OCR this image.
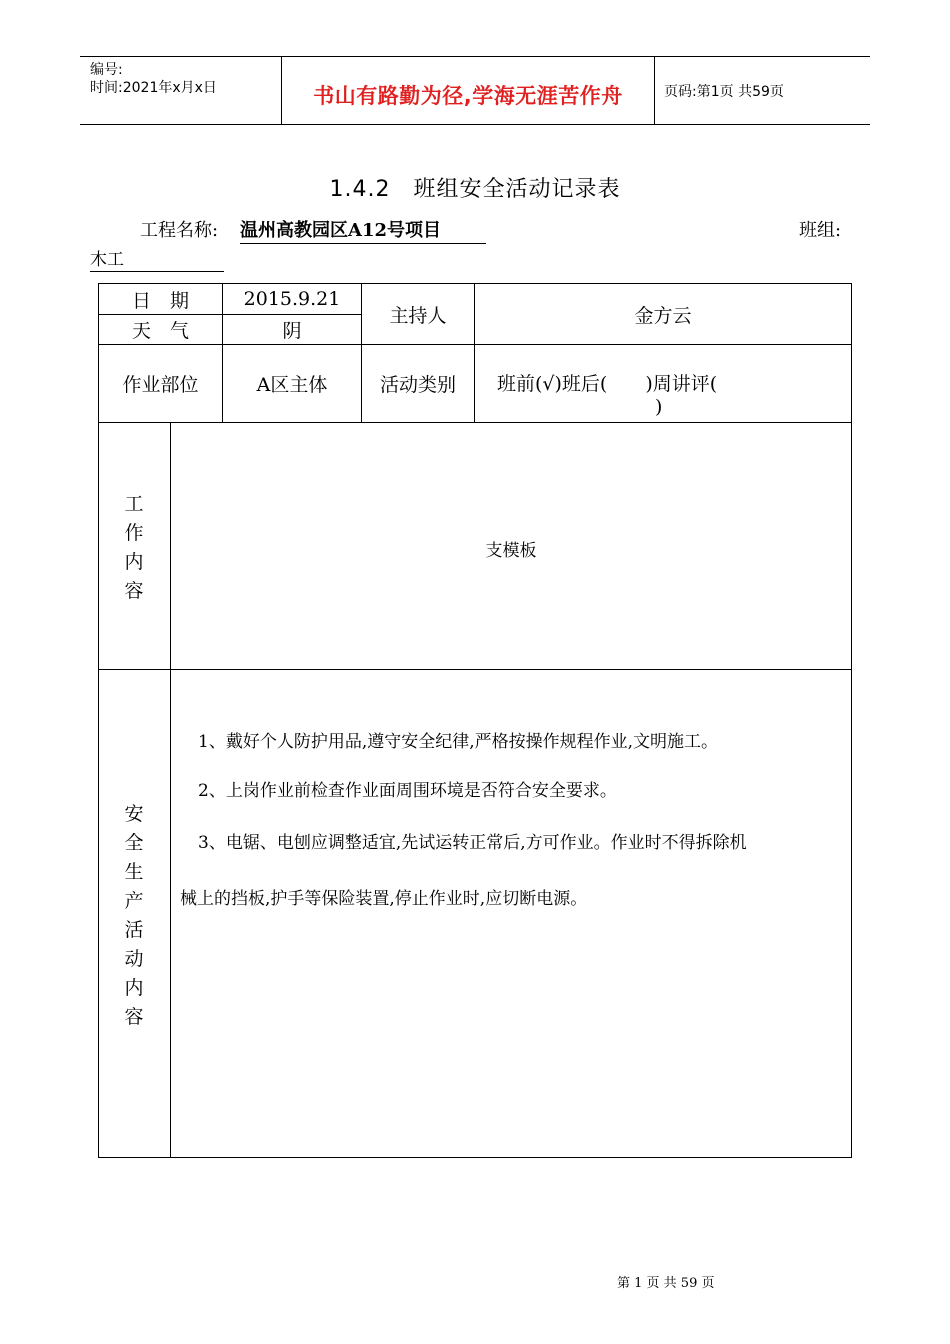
编号:
时间:2021年x月x日	书山有路勤为径,学海无涯苦作舟	页码:第1页 共59页
1.4.2　班组安全活动记录表
工程名称: 温州高教园区A12号项目	班组:
木工
日　期	2015.9.21
天　气	阴
主持人	金方云
作业部位	A区主体	活动类别	班前(√)班后(　　)周讲评(
)
工
作
内
容
支模板
安
全
生
产
活
动
内
容
1、戴好个人防护用品,遵守安全纪律,严格按操作规程作业,文明施工。
2、上岗作业前检查作业面周围环境是否符合安全要求。
3、电锯、电刨应调整适宜,先试运转正常后,方可作业。作业时不得拆除机
械上的挡板,护手等保险装置,停止作业时,应切断电源。
第 1 页 共 59 页
